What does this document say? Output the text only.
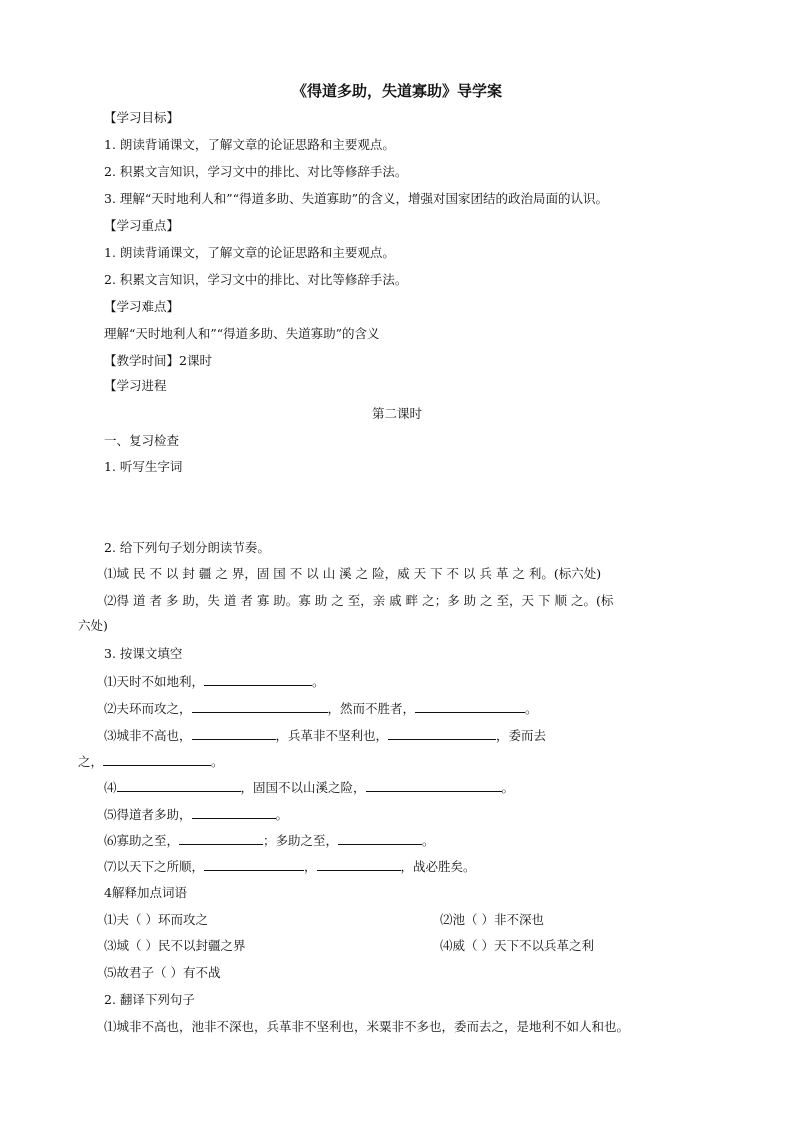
《得道多助，失道寡助》导学案
【学习目标】
1. 朗读背诵课文，了解文章的论证思路和主要观点。
2. 积累文言知识，学习文中的排比、对比等修辞手法。
3. 理解“天时地利人和”“得道多助、失道寡助”的含义，增强对国家团结的政治局面的认识。
【学习重点】
1. 朗读背诵课文，了解文章的论证思路和主要观点。
2. 积累文言知识，学习文中的排比、对比等修辞手法。
【学习难点】
理解“天时地利人和”“得道多助、失道寡助”的含义
【教学时间】2课时
【学习进程
第二课时
一、复习检查
1. 听写生字词
2. 给下列句子划分朗读节奏。
⑴域 民 不 以 封 疆 之 界，固 国 不 以 山 溪 之 险，威 天 下 不 以 兵 革 之 利。(标六处)
⑵得 道 者 多 助，失 道 者 寡 助。寡 助 之 至，亲 戚 畔 之；多 助 之 至，天 下 顺 之。(标
六处)
3. 按课文填空
⑴天时不如地利，	。
⑵夫环而攻之，	，然而不胜者，	。
⑶城非不高也，	，兵革非不坚利也，	，委而去
之，	。
⑷	，固国不以山溪之险，	。
⑸得道者多助，	。
⑹寡助之至，	；多助之至，	。
⑺以天下之所顺，	，	，战必胜矣。
4解释加点词语
⑴夫（ ）环而攻之	⑵池（ ）非不深也
⑶域（ ）民不以封疆之界	⑷威（ ）天下不以兵革之利
⑸故君子（ ）有不战
2. 翻译下列句子
⑴城非不高也，池非不深也，兵革非不坚利也，米粟非不多也，委而去之，是地利不如人和也。
